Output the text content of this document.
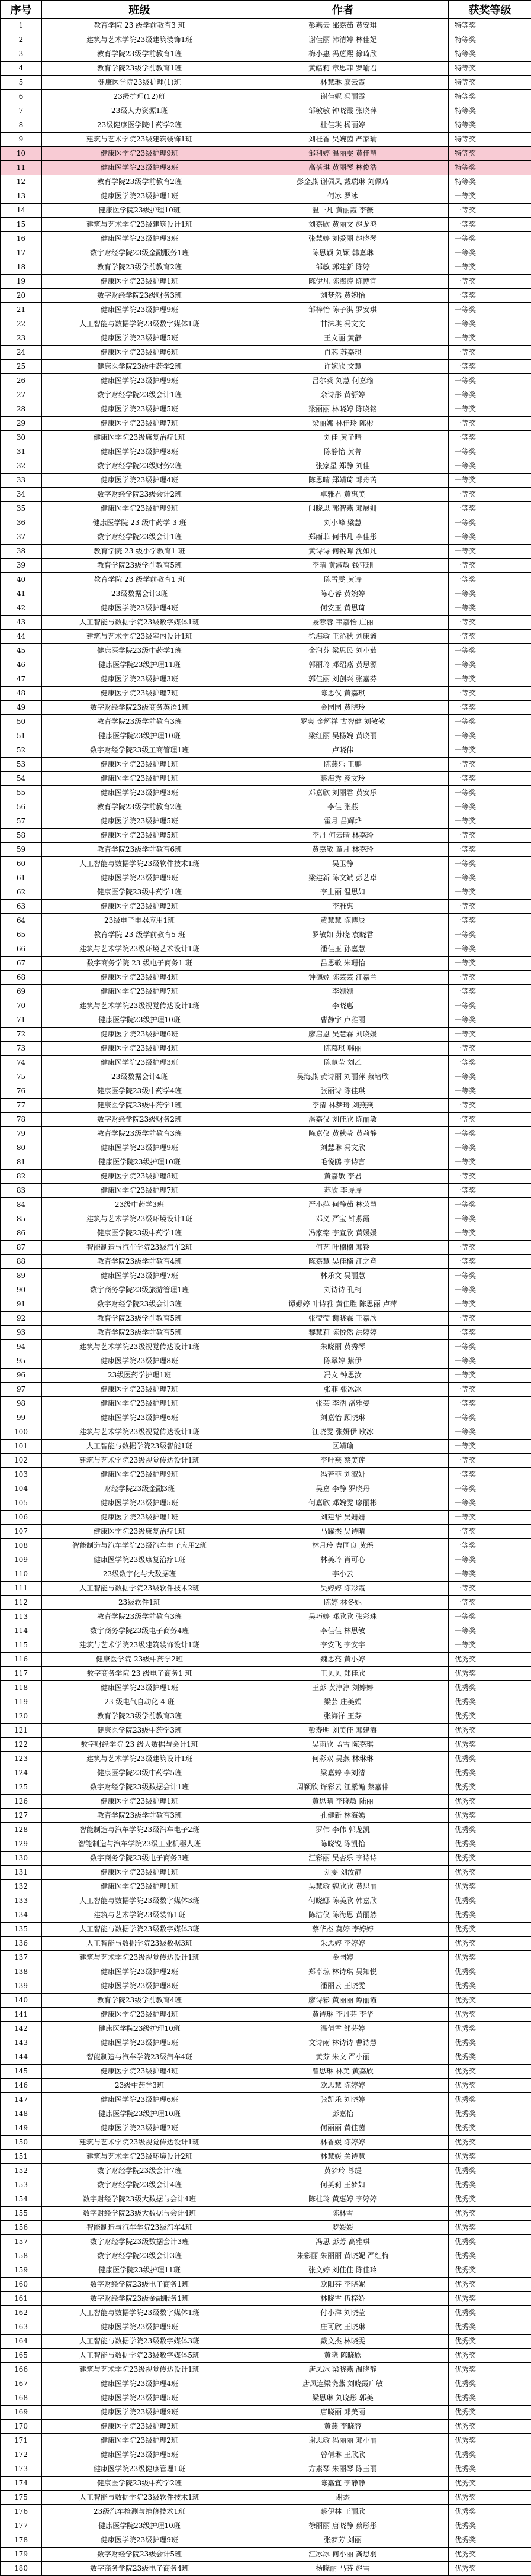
序号	班级	作者	获奖等级
1	教育学院 23 级学前教育3 班	彭燕云 邵嘉茹 黄安琪	特等奖
2	建筑与艺术学院23级建筑装饰1班	谢佳丽 韩清婷 林佳妃	特等奖
3	教育学院23级学前教育1班	梅小惠 冯蒽熙 徐琦欣	特等奖
4	教育学院23级学前教育1班	黄皓莉 章思菲 罗瑜君	特等奖
5	健康医学院23级护理(1)班	林慧琳 廖云霞	特等奖
6	23级护理(12)班	谢佳妮 冯丽霞	特等奖
7	23级人力资源1班	邹敏敏 钟晓霞 张晓萍	特等奖
8	23级健康医学院中药学2班	杜佳琪 杨丽婷	特等奖
9	建筑与艺术学院23级建筑装饰1班	刘桂香 吴婉茵 严家瑜	特等奖
10	健康医学院23级护理9班	邹利婷 温丽雯 黄佳慧	特等奖
11	健康医学院23级护理8班	高蓓琪 黄丽琴 林俊浩	特等奖
12	教育学院23级学前教育2班	彭金燕 谢佩凤 戴瑞琳 刘佩琦	特等奖
13	健康医学院23级护理1班	何冰 罗冰	一等奖
14	健康医学院23级护理10班	温一凡 黄丽霞 李薇	一等奖
15	建筑与艺术学院23级建筑设计1班	刘嘉欣 黄丽文 赵龙鸿	一等奖
16	健康医学院23级护理3班	张慧婷 刘爱丽 赵晓琴	一等奖
17	数字财经学院23级金融服务1班	陈思颖 刘颖 韩嘉琳	一等奖
18	教育学院23级学前教育2班	邹敏 郭建新 陈婷	一等奖
19	健康医学院23级护理1班	陈伊凡 陈海涛 陈博宜	一等奖
20	数字财经学院23级财务3班	刘梦然 黄婉怡	一等奖
21	健康医学院23级护理9班	邹梓怡 陈子淇 罗安琪	一等奖
22	人工智能与数据学院23级数字媒体1班	甘沫琪 冯文文	一等奖
23	健康医学院23级护理5班	王文丽 黄静	一等奖
24	健康医学院23级护理6班	肖芯 苏嘉琪	一等奖
25	健康医学院23级中药学2班	许婉欣 文慧	一等奖
26	健康医学院23级护理9班	吕尔葵 刘慧 何嘉瑜	一等奖
27	数字财经学院23级会计1班	余诗彤 黄舒婷	一等奖
28	健康医学院23级护理5班	梁丽丽 林晓婷 陈晓铭	一等奖
29	健康医学院23级护理7班	梁丽娜 林佳玲 陈彬	一等奖
30	健康医学院23级康复治疗1班	刘佳 黄子晴	一等奖
31	健康医学院23级护理8班	陈静怡 黄菁	一等奖
32	数字财经学院23级财务2班	张家星 郑静 刘佳	一等奖
33	健康医学院23级护理4班	陈思晴 郑靖琦 邓舟芮	一等奖
34	数字财经学院23级会计2班	卓雅君 黄惠美	一等奖
35	健康医学院23级护理9班	闫晓思 郭智燕 邓展姗	一等奖
36	健康医学院 23 级中药学 3 班	刘小峰 梁慧	一等奖
37	数字财经学院23级会计1班	郑雨菲 何书凡 李佳彤	一等奖
38	教育学院 23 级小学教育1 班	黄诗诗 何锐晖 沈如凡	一等奖
39	教育学院23级学前教育5班	李晴 黄淑敏 钱亚珊	一等奖
40	教育学院 23 级学前教育1 班	陈雪雯 黄诗	一等奖
41	23级数据会计3班	陈心蓉 黄婉婷	一等奖
42	健康医学院23级护理4班	何安玉 黄思琦	一等奖
43	人工智能与数据学院23级数字媒体1班	聂蓉蓉 韦嘉怡 庄丽	一等奖
44	建筑与艺术学院23级室内设计1班	徐海敏 王沁秋 刘康鑫	一等奖
45	健康医学院23级中药学1班	金润芬 梁思民 刘小茹	一等奖
46	健康医学院23级护理11班	郭丽玲 邓绍燕 黄思源	一等奖
47	健康医学院23级护理3班	郭佳丽 刘创兴 张嘉芬	一等奖
48	健康医学院23级护理7班	陈思仪 黄嘉琪	一等奖
49	数字财经学院23级商务英语1班	金园园 黄晓玲	一等奖
50	教育学院23级学前教育3班	罗爽 金辉祥 古智健 刘敏敏	一等奖
51	健康医学院23级护理10班	梁红丽 吴杨婉 黄晓丽	一等奖
52	数字财经学院23级工商管理1班	卢晓伟	一等奖
53	健康医学院23级护理1班	陈燕乐 王鹏	一等奖
54	健康医学院23级护理1班	蔡海秀 彦文玲	一等奖
55	健康医学院23级护理3班	邓嘉欣 刘丽君 黄安乐	一等奖
56	教育学院23级学前教育2班	李佳 张燕	一等奖
57	健康医学院23级护理5班	霍月 吕辉烨	一等奖
58	健康医学院23级护理5班	李丹 何云晴 林嘉玲	一等奖
59	教育学院23级学前教育6班	黄嘉敏 童月 林嘉玲	一等奖
60	人工智能与数据学院23级软件技术1班	吴卫静	一等奖
61	健康医学院23级护理9班	梁建新 陈文斌 彭艺卓	一等奖
62	健康医学院23级中药学1班	李上丽 温思如	一等奖
63	健康医学院23级护理2班	李雅惠	一等奖
64	23级电子电器应用1班	黄慧慧 陈博辰	一等奖
65	教育学院 23 级学前教育5 班	罗敏如 苏晓 袁晓君	一等奖
66	建筑与艺术学院23级环境艺术设计1班	潘佳玉 孙嘉慧	一等奖
67	数字商务学院 23 级电子商务1 班	吕思敬 朱珊怡	一等奖
68	健康医学院23级护理4班	钟德姬 陈芸芸 江嘉兰	一等奖
69	健康医学院23级护理7班	李姗姗	一等奖
70	建筑与艺术学院23级视觉传达设计1班	李晓惠	一等奖
71	健康医学院23级护理10班	曹静宇 卢雅丽	一等奖
72	健康医学院23级护理6班	廖启恩 吴慧霖 刘晓媛	一等奖
73	健康医学院23级护理4班	陈慕琪 韩丽	一等奖
74	健康医学院23级护理3班	陈慧莹 刘乙	一等奖
75	23级数据会计4班	吴海燕 黄诗丽 刘丽萍 蔡培欣	一等奖
76	健康医学院23级中药学4班	张丽诗 陈佳琪	一等奖
77	健康医学院23级中药学1班	李清 林梦琦 刘燕燕	一等奖
78	数字财经学院23级财务2班	潘嘉仪 刘佳欣 陈丽敏	一等奖
79	教育学院23级学前教育3班	陈嘉仪 黄秋莹 黄莉静	一等奖
80	健康医学院23级护理9班	刘慧琳 冯文欣	一等奖
81	健康医学院23级护理10班	毛悦鸥 李诗言	一等奖
82	健康医学院23级护理8班	黄嘉敏 李君	一等奖
83	健康医学院23级护理7班	苏欣 李诗诗	一等奖
84	23级中药学3班	严小萍 何静茹 林荣慧	一等奖
85	建筑与艺术学院23级环境设计1班	邓义 严宝 钟燕霞	一等奖
86	健康医学院23级中药学1班	冯家铭 李宣欣 黄媛媛	一等奖
87	智能制造与汽车学院23级汽车2班	何艺 叶楠楠 邓铃	一等奖
88	教育学院23级学前教育4班	陈嘉慧 吴佳楠 江之意	一等奖
89	健康医学院23级护理7班	林乐文 吴丽慧	一等奖
90	数字商务学院23级旅游管理1班	刘诗诗 孔柯	一等奖
91	数字财经学院23级会计3班	谭娜婷 叶诗雅 黄佳胜 陈思丽 卢萍	一等奖
92	教育学院23级学前教育5班	张莹莹 谢晓霖 王嘉欣	一等奖
93	教育学院23级学前教育5班	黎慧莉 陈悦然 洪婷婷	一等奖
94	建筑与艺术学院23级视觉传达设计1班	朱晓丽 黄秀琴	一等奖
95	健康医学院23级护理8班	陈翠婷 紫伊	一等奖
96	23级医药学护理1班	冯文 钟思汝	一等奖
97	健康医学院23级护理7班	张菲 张冰冰	一等奖
98	健康医学院23级护理1班	张芸 李浩 潘雅姿	一等奖
99	健康医学院23级护理6班	刘嘉怡 顾晓琳	一等奖
100	建筑与艺术学院23级视觉传达设计1班	江晓雯 张妍伊 欧冰	一等奖
101	人工智能与数据学院23级智能1班	区靖瑜	一等奖
102	建筑与艺术学院23级视觉传达设计1班	李叶燕 蔡美莲	一等奖
103	健康医学院23级护理9班	冯若菲 刘淑妍	一等奖
104	财经学院23级金融3班	吴嘉 李静 罗晓丹	一等奖
105	健康医学院23级护理5班	何嘉欣 邓婉雯 廖丽彬	一等奖
106	健康医学院23级护理1班	刘建华 吴姗姗	一等奖
107	健康医学院23级康复治疗1班	马耀杰 吴诗晴	一等奖
108	智能制造与汽车学院23级汽车电子应用2班	林月玲 曹国良 黄瑶	一等奖
109	健康医学院23级康复治疗1班	林美玲 肖可心	一等奖
110	23级数字化与大数据班	李小云	一等奖
111	人工智能与数据学院23级软件技术2班	吴婷婷 陈彩霞	一等奖
112	23级软件1班	陈婷 林冬妮	一等奖
113	教育学院23级学前教育3班	吴巧婷 邓欣欣 张彩珠	一等奖
114	数字商务学院23级电子商务4班	李佳佳 林思敏	一等奖
115	建筑与艺术学院23级建筑装饰设计1班	李安飞 李安宇	一等奖
116	健康医学院 23级中药学2班	魏思亮 黄小婷	优秀奖
117	数字商务学院 23 级电子商务1 班	王贝贝 郑佳欣	优秀奖
118	健康医学院23级护理1班	王彭 黄淳淳 刘婷婷	优秀奖
119	23 级电气自动化 4 班	梁芸 庄美娟	优秀奖
120	教育学院23级学前教育3班	张海洋 王芬	优秀奖
121	健康医学院23级中药学3班	彭寿明 刘美佳 邓建海	优秀奖
122	数字财经学院 23 级大数据与会计1班	吴雨欣 孟雪 陈嘉琪	优秀奖
123	建筑与艺术学院23级建筑设计1班	何彩双 吴燕 林琳琳	优秀奖
124	健康医学院23级中药学5班	梁嘉婷 李刘清	优秀奖
125	数字财经学院23级数据会计1班	周颖欣 许彩云 江紫瀚 蔡嘉伟	优秀奖
126	健康医学院23级护理1班	黄思晴 李晓敏 陆丽	优秀奖
127	教育学院23级学前教育3班	孔健新 林海嫣	优秀奖
128	智能制造与汽车学院23级汽车电子2班	罗伟 李伟 郭龙凯	优秀奖
129	智能制造与汽车学院23级工业机器人班	陈晓锐 陈凯怡	优秀奖
130	数字商务学院23级电子商务3班	江彩丽 吴杏乐 李诗诗	优秀奖
131	健康医学院23级护理1班	刘雯 刘汝静	优秀奖
132	健康医学院23级护理1班	吴慧敏 魏欣欣 黄思丽	优秀奖
133	人工智能与数据学院23级数字媒体3班	何晓娜 陈美欣 韩嘉欣	优秀奖
134	建筑与艺术学院23级装饰1班	陈洁仪 陈海思 黄丽然	优秀奖
135	人工智能与数据学院23级数字媒体3班	蔡华杰 莫婷 李婷婷	优秀奖
136	人工智能与数据学院23级数据3班	朱思婷 李婷婷	优秀奖
137	建筑与艺术学院23级视觉传达设计1班	金园婷	优秀奖
138	健康医学院23级护理2班	郑卓琼 林诗琪 吴知悦	优秀奖
139	健康医学院23级护理8班	潘丽云 王晓雯	优秀奖
140	教育学院23级学前教育4班	廖诗彩 黄丽丽 谭丽霞	优秀奖
141	健康医学院23级护理4班	黄诗琳 李丹芬 李华	优秀奖
142	健康医学院23级护理10班	温倩雪 邹芬婷	优秀奖
143	健康医学院23级护理5班	文诗雨 林诗诗 曹诗慧	优秀奖
144	智能制造与汽车学院23级汽车4班	黄芬 朱文 严小丽	优秀奖
145	健康医学院23级护理4班	曾思琳 林美 黄嘉欣	优秀奖
146	23级中药学3班	欧思慧 陈婷婷	优秀奖
147	健康医学院23级护理6班	张凯乐 刘晓婷	优秀奖
148	健康医学院23级护理10班	彭嘉怡	优秀奖
149	健康医学院23级护理2班	何丽丽 黄佳茵	优秀奖
150	建筑与艺术学院23级视觉传达设计1班	林香媛 陈婷婷	优秀奖
151	建筑与艺术学院23级环境设计2班	林慧媛 关诗慧	优秀奖
152	数字财经学院23级会计7班	黄梦玲 尊缇	优秀奖
153	数字财经学院23级会计4班	何英莉 王梦如	优秀奖
154	数字财经学院23级大数据与会计4班	陈桂玲 黄惠婷 李婷婷	优秀奖
155	数字财经学院23级大数据与会计4班	陈林雪	优秀奖
156	智能制造与汽车学院23级汽车4班	罗媛媛	优秀奖
157	数字财经学院23级数据会计3班	冯思 彭芳 高雅琪	优秀奖
158	数字财经学院23级会计3班	朱彩丽 朱丽丽 黄晓妮 严红梅	优秀奖
159	健康医学院23级护理11班	张文婷 刘佳佳 陈佳玲	优秀奖
160	数字财经学院23级电子商务1班	欧阳芬 李晓妮	优秀奖
161	数字财经学院23级金融服务1班	林晓雪 伍梓娇	优秀奖
162	人工智能与数据学院23级数字媒体1班	付小洋 刘晓莹	优秀奖
163	健康医学院23级护理9班	庄可欣 王晓琳	优秀奖
164	人工智能与数据学院23级数字媒体3班	戴文杰 林晓雯	优秀奖
165	人工智能与数据学院23级数字媒体5班	黄晓 陈晓欣	优秀奖
166	建筑与艺术学院23级视觉传达设计1班	唐凤冰 梁晓燕 温晓静	优秀奖
167	健康医学院23级护理4班	唐凤连梁晓燕 刘晓霞广敏	优秀奖
168	健康医学院23级护理5班	梁思琳 刘晓彤 郭美	优秀奖
169	健康医学院23级护理9班	唐晓丽 邓美丽	优秀奖
170	健康医学院23级护理2班	黄燕 李晓容	优秀奖
171	健康医学院23级护理2班	谢思敏 冯丽丽 邓小丽	优秀奖
172	健康医学院23级护理5班	曾倩琳 王欣欣	优秀奖
173	健康医学院23级健康管理1班	方素琴 朱丽琴 陈玉丽	优秀奖
174	健康医学院23级中药学2班	陈嘉宜 李静静	优秀奖
175	人工智能与数据学院23级软件技术1班	谢杰	优秀奖
176	23级汽车检测与维修技术1班	蔡伊林 王丽欣	优秀奖
177	健康医学院23级护理10班	徐丽丽 唐晓静 蔡彤彤	优秀奖
178	健康医学院23级护理9班	张梦芳 刘丽	优秀奖
179	数字财经学院23级会计5班	江冰冰 何小丽 龚思羽	优秀奖
180	数字商务学院23级电子商务4班	杨晓丽 马芬 赵雪	优秀奖
